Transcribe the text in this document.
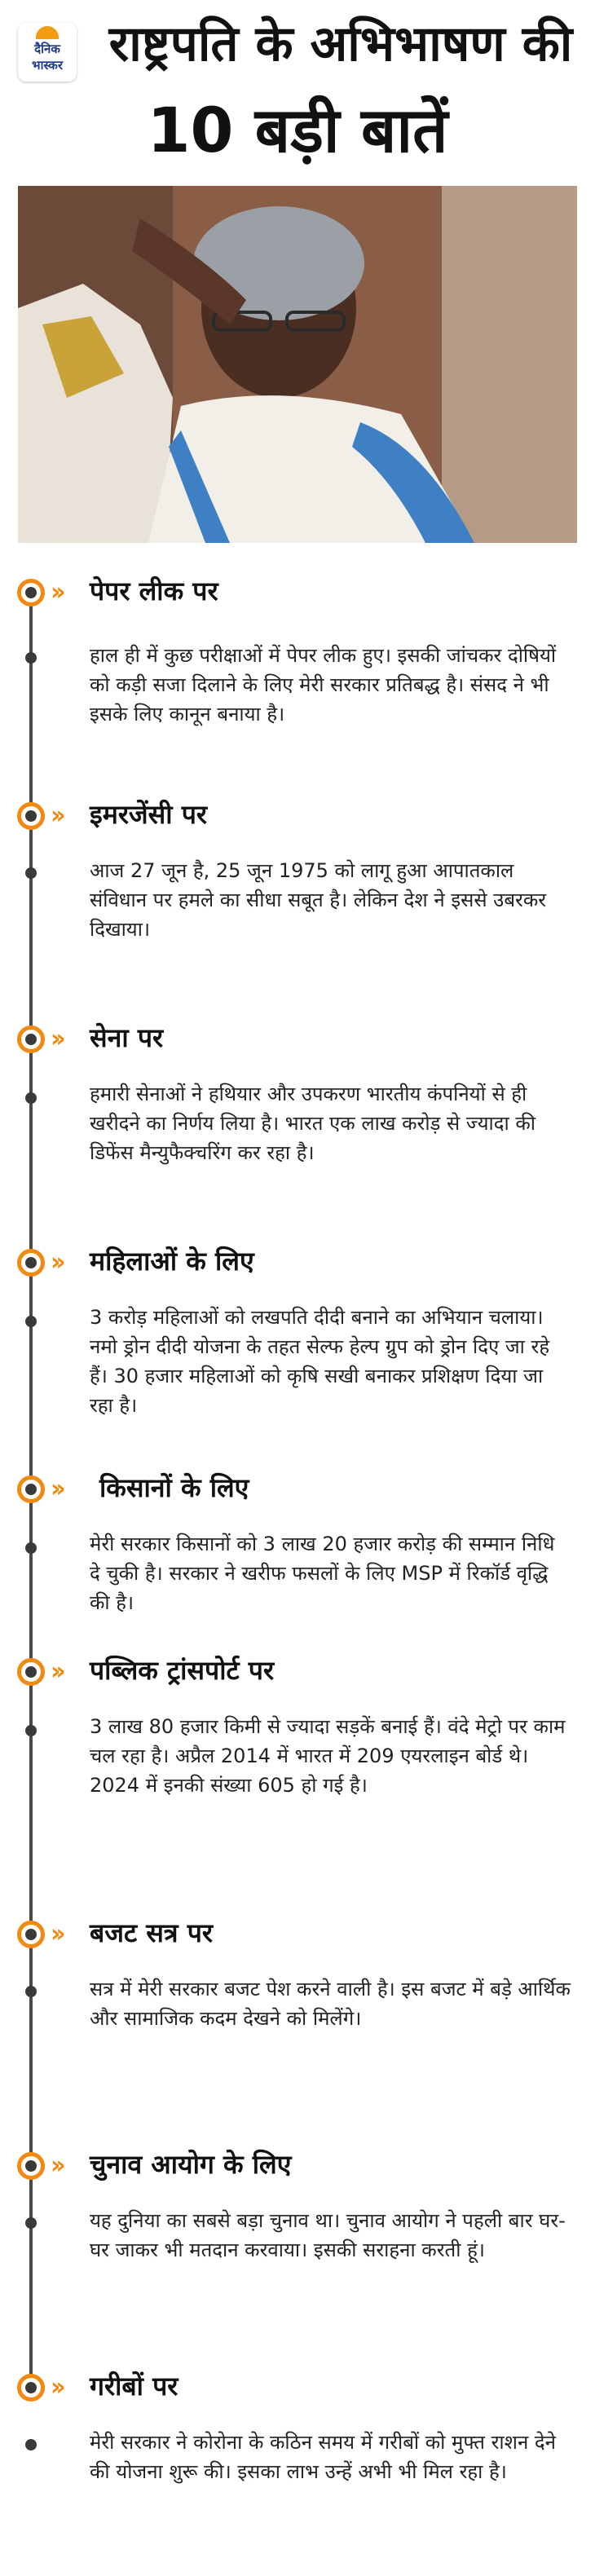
दैनिक
भास्कर राष्ट्रपति के अभिभाषण की
10 बड़ी बातें
››	पेपर लीक पर
हाल ही में कुछ परीक्षाओं में पेपर लीक हुए। इसकी जांचकर दोषियों को कड़ी सजा दिलाने के लिए मेरी सरकार प्रतिबद्ध है। संसद ने भी इसके लिए कानून बनाया है।
››	इमरजेंसी पर
आज 27 जून है, 25 जून 1975 को लागू हुआ आपातकाल संविधान पर हमले का सीधा सबूत है। लेकिन देश ने इससे उबरकर दिखाया।
››	सेना पर
हमारी सेनाओं ने हथियार और उपकरण भारतीय कंपनियों से ही खरीदने का निर्णय लिया है। भारत एक लाख करोड़ से ज्यादा की डिफेंस मैन्युफैक्चरिंग कर रहा है।
››	महिलाओं के लिए
3 करोड़ महिलाओं को लखपति दीदी बनाने का अभियान चलाया। नमो ड्रोन दीदी योजना के तहत सेल्फ हेल्प ग्रुप को ड्रोन दिए जा रहे हैं। 30 हजार महिलाओं को कृषि सखी बनाकर प्रशिक्षण दिया जा रहा है।
››	किसानों के लिए
मेरी सरकार किसानों को 3 लाख 20 हजार करोड़ की सम्मान निधि दे चुकी है। सरकार ने खरीफ फसलों के लिए MSP में रिकॉर्ड वृद्धि की है।
››	पब्लिक ट्रांसपोर्ट पर
3 लाख 80 हजार किमी से ज्यादा सड़कें बनाई हैं। वंदे मेट्रो पर काम चल रहा है। अप्रैल 2014 में भारत में 209 एयरलाइन बोर्ड थे। 2024 में इनकी संख्या 605 हो गई है।
››	बजट सत्र पर
सत्र में मेरी सरकार बजट पेश करने वाली है। इस बजट में बड़े आर्थिक और सामाजिक कदम देखने को मिलेंगे।
››	चुनाव आयोग के लिए
यह दुनिया का सबसे बड़ा चुनाव था। चुनाव आयोग ने पहली बार घर-घर जाकर भी मतदान करवाया। इसकी सराहना करती हूं।
››	गरीबों पर
मेरी सरकार ने कोरोना के कठिन समय में गरीबों को मुफ्त राशन देने की योजना शुरू की। इसका लाभ उन्हें अभी भी मिल रहा है।
